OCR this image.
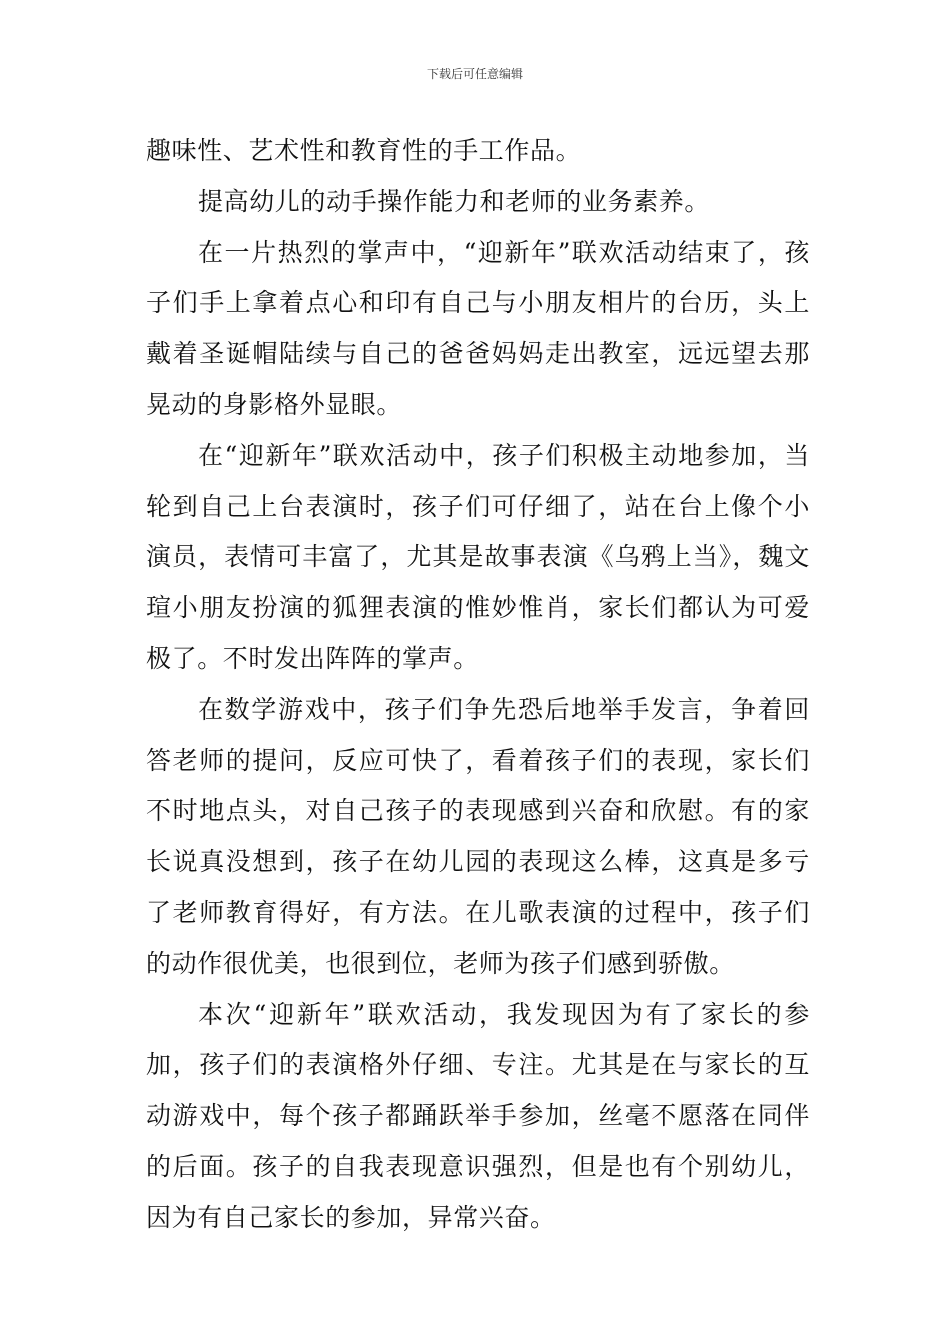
下载后可任意编辑

趣味性、艺术性和教育性的手工作品。

提高幼儿的动手操作能力和老师的业务素养。

在一片热烈的掌声中，“迎新年”联欢活动结束了，孩子们手上拿着点心和印有自己与小朋友相片的台历，头上戴着圣诞帽陆续与自己的爸爸妈妈走出教室，远远望去那晃动的身影格外显眼。

在“迎新年”联欢活动中，孩子们积极主动地参加，当轮到自己上台表演时，孩子们可仔细了，站在台上像个小演员，表情可丰富了，尤其是故事表演《乌鸦上当》，魏文瑄小朋友扮演的狐狸表演的惟妙惟肖，家长们都认为可爱极了。不时发出阵阵的掌声。

在数学游戏中，孩子们争先恐后地举手发言，争着回答老师的提问，反应可快了，看着孩子们的表现，家长们不时地点头，对自己孩子的表现感到兴奋和欣慰。有的家长说真没想到，孩子在幼儿园的表现这么棒，这真是多亏了老师教育得好，有方法。在儿歌表演的过程中，孩子们的动作很优美，也很到位，老师为孩子们感到骄傲。

本次“迎新年”联欢活动，我发现因为有了家长的参加，孩子们的表演格外仔细、专注。尤其是在与家长的互动游戏中，每个孩子都踊跃举手参加，丝毫不愿落在同伴的后面。孩子的自我表现意识强烈，但是也有个别幼儿，因为有自己家长的参加，异常兴奋。
